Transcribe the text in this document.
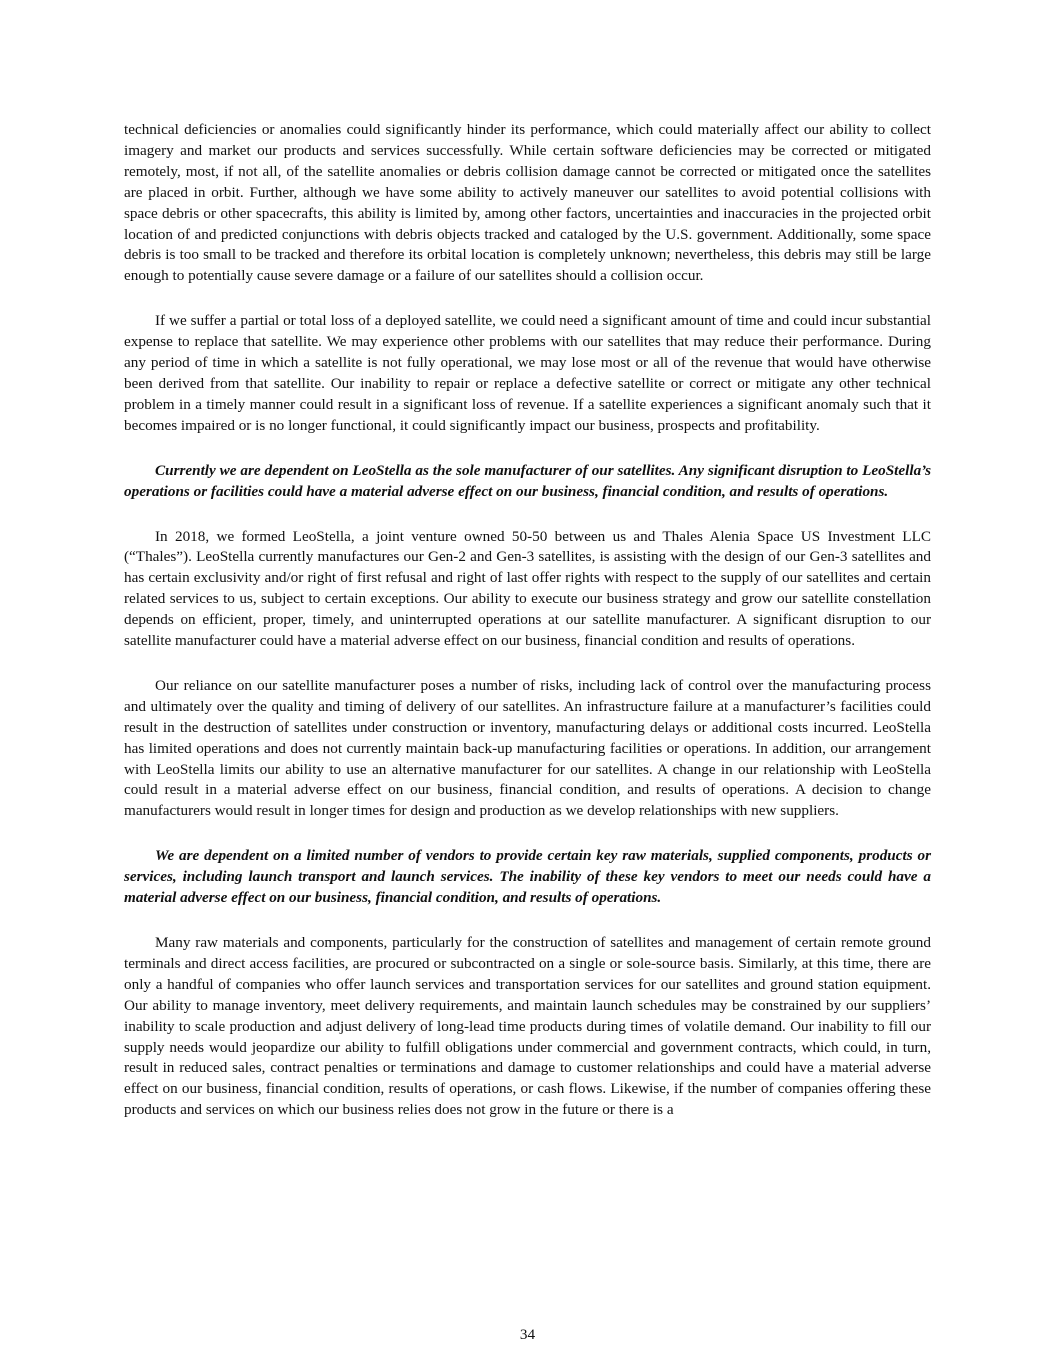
technical deficiencies or anomalies could significantly hinder its performance, which could materially affect our ability to collect imagery and market our products and services successfully. While certain software deficiencies may be corrected or mitigated remotely, most, if not all, of the satellite anomalies or debris collision damage cannot be corrected or mitigated once the satellites are placed in orbit. Further, although we have some ability to actively maneuver our satellites to avoid potential collisions with space debris or other spacecrafts, this ability is limited by, among other factors, uncertainties and inaccuracies in the projected orbit location of and predicted conjunctions with debris objects tracked and cataloged by the U.S. government. Additionally, some space debris is too small to be tracked and therefore its orbital location is completely unknown; nevertheless, this debris may still be large enough to potentially cause severe damage or a failure of our satellites should a collision occur.

If we suffer a partial or total loss of a deployed satellite, we could need a significant amount of time and could incur substantial expense to replace that satellite. We may experience other problems with our satellites that may reduce their performance. During any period of time in which a satellite is not fully operational, we may lose most or all of the revenue that would have otherwise been derived from that satellite. Our inability to repair or replace a defective satellite or correct or mitigate any other technical problem in a timely manner could result in a significant loss of revenue. If a satellite experiences a significant anomaly such that it becomes impaired or is no longer functional, it could significantly impact our business, prospects and profitability.

Currently we are dependent on LeoStella as the sole manufacturer of our satellites. Any significant disruption to LeoStella’s operations or facilities could have a material adverse effect on our business, financial condition, and results of operations.

In 2018, we formed LeoStella, a joint venture owned 50-50 between us and Thales Alenia Space US Investment LLC (“Thales”). LeoStella currently manufactures our Gen-2 and Gen-3 satellites, is assisting with the design of our Gen-3 satellites and has certain exclusivity and/or right of first refusal and right of last offer rights with respect to the supply of our satellites and certain related services to us, subject to certain exceptions. Our ability to execute our business strategy and grow our satellite constellation depends on efficient, proper, timely, and uninterrupted operations at our satellite manufacturer. A significant disruption to our satellite manufacturer could have a material adverse effect on our business, financial condition and results of operations.

Our reliance on our satellite manufacturer poses a number of risks, including lack of control over the manufacturing process and ultimately over the quality and timing of delivery of our satellites. An infrastructure failure at a manufacturer’s facilities could result in the destruction of satellites under construction or inventory, manufacturing delays or additional costs incurred. LeoStella has limited operations and does not currently maintain back-up manufacturing facilities or operations. In addition, our arrangement with LeoStella limits our ability to use an alternative manufacturer for our satellites. A change in our relationship with LeoStella could result in a material adverse effect on our business, financial condition, and results of operations. A decision to change manufacturers would result in longer times for design and production as we develop relationships with new suppliers.

We are dependent on a limited number of vendors to provide certain key raw materials, supplied components, products or services, including launch transport and launch services. The inability of these key vendors to meet our needs could have a material adverse effect on our business, financial condition, and results of operations.

Many raw materials and components, particularly for the construction of satellites and management of certain remote ground terminals and direct access facilities, are procured or subcontracted on a single or sole-source basis. Similarly, at this time, there are only a handful of companies who offer launch services and transportation services for our satellites and ground station equipment. Our ability to manage inventory, meet delivery requirements, and maintain launch schedules may be constrained by our suppliers’ inability to scale production and adjust delivery of long-lead time products during times of volatile demand. Our inability to fill our supply needs would jeopardize our ability to fulfill obligations under commercial and government contracts, which could, in turn, result in reduced sales, contract penalties or terminations and damage to customer relationships and could have a material adverse effect on our business, financial condition, results of operations, or cash flows. Likewise, if the number of companies offering these products and services on which our business relies does not grow in the future or there is a

34
